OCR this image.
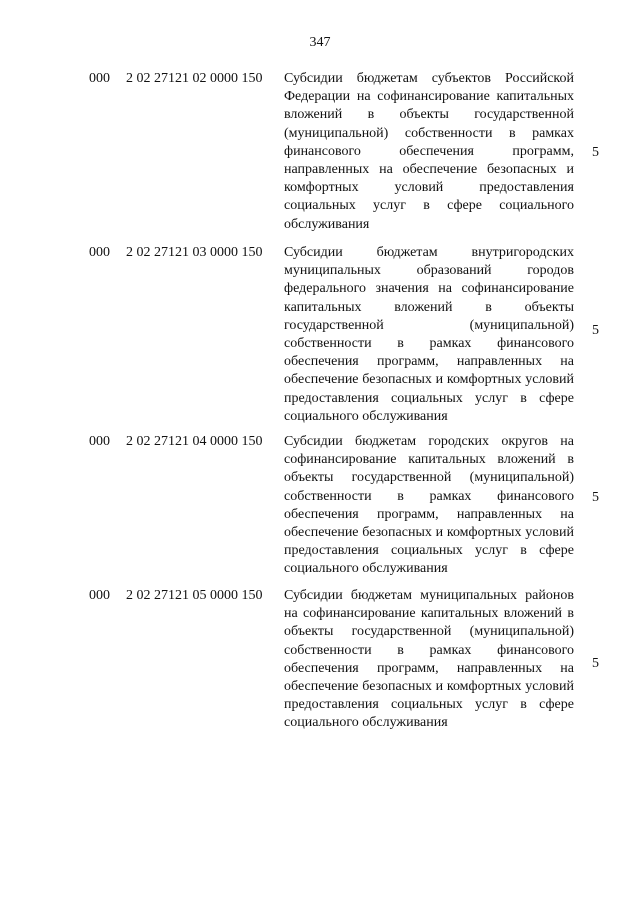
347
000 2 02 27121 02 0000 150 Субсидии бюджетам субъектов Российской Федерации на софинансирование капитальных вложений в объекты государственной (муниципальной) собственности в рамках финансового обеспечения программ, направленных на обеспечение безопасных и комфортных условий предоставления социальных услуг в сфере социального обслуживания
5
000 2 02 27121 03 0000 150 Субсидии бюджетам внутригородских муниципальных образований городов федерального значения на софинансирование капитальных вложений в объекты государственной (муниципальной) собственности в рамках финансового обеспечения программ, направленных на обеспечение безопасных и комфортных условий предоставления социальных услуг в сфере социального обслуживания
5
000 2 02 27121 04 0000 150 Субсидии бюджетам городских округов на софинансирование капитальных вложений в объекты государственной (муниципальной) собственности в рамках финансового обеспечения программ, направленных на обеспечение безопасных и комфортных условий предоставления социальных услуг в сфере социального обслуживания
5
000 2 02 27121 05 0000 150 Субсидии бюджетам муниципальных районов на софинансирование капитальных вложений в объекты государственной (муниципальной) собственности в рамках финансового обеспечения программ, направленных на обеспечение безопасных и комфортных условий предоставления социальных услуг в сфере социального обслуживания
5
